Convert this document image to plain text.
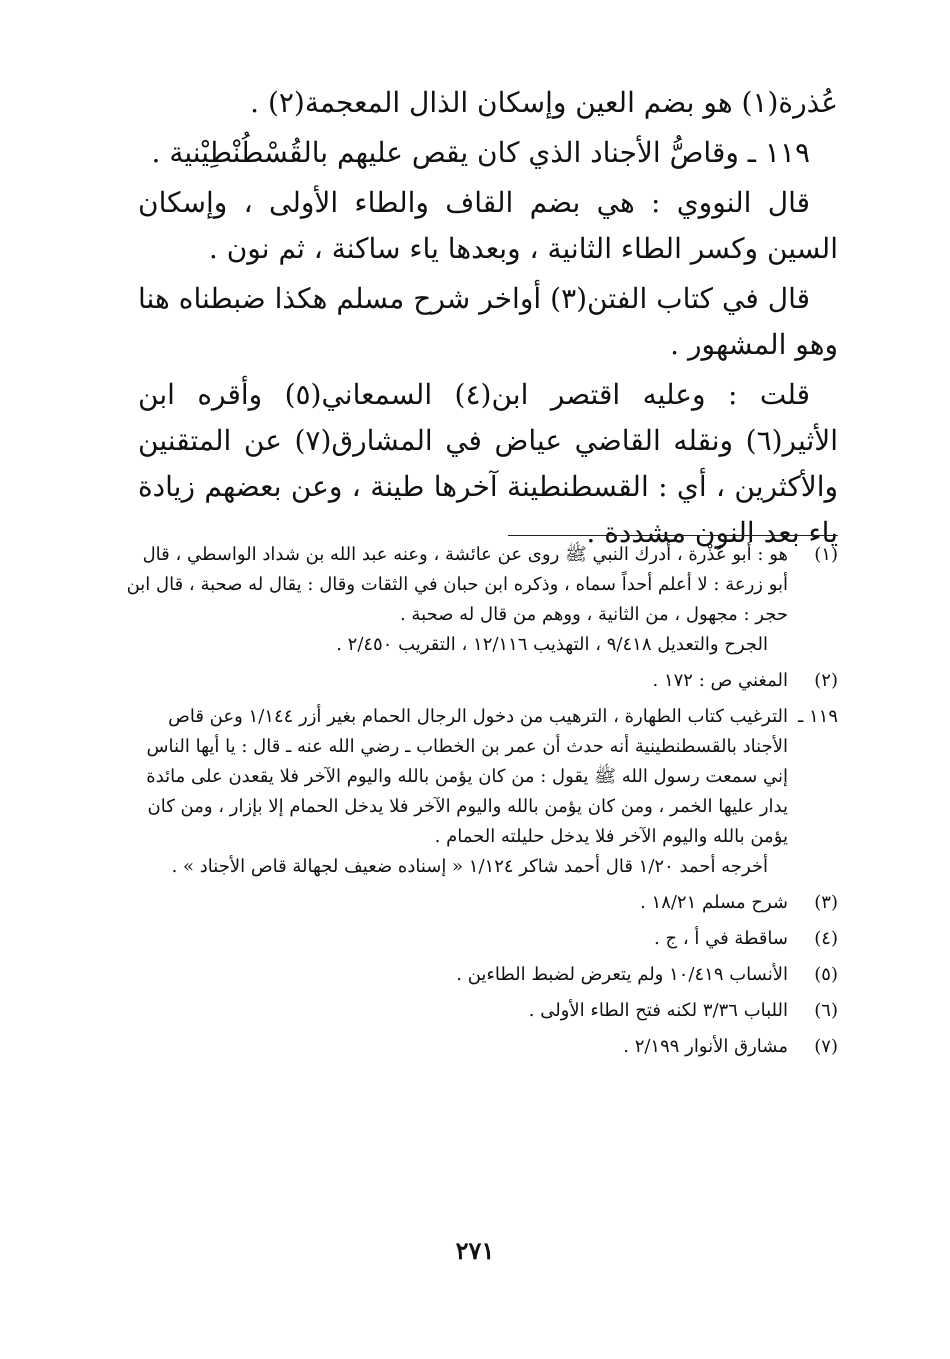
عُذرة(١) هو بضم العين وإسكان الذال المعجمة(٢) .

١١٩ ـ وقاصُّ الأجناد الذي كان يقص عليهم بالقُسْطُنْطِيْنية .

قال النووي : هي بضم القاف والطاء الأولى ، وإسكان السين وكسر الطاء الثانية ، وبعدها ياء ساكنة ، ثم نون .

قال في كتاب الفتن(٣) أواخر شرح مسلم هكذا ضبطناه هنا وهو المشهور .

قلت : وعليه اقتصر ابن(٤) السمعاني(٥) وأقره ابن الأثير(٦) ونقله القاضي عياض في المشارق(٧) عن المتقنين والأكثرين ، أي : القسطنطينة آخرها طينة ، وعن بعضهم زيادة ياء بعد النون مشددة .

(١)
هو : أبو عُذْرة ، أدرك النبي ﷺ روى عن عائشة ، وعنه عبد الله بن شداد الواسطي ، قال أبو زرعة : لا أعلم أحداً سماه ، وذكره ابن حبان في الثقات وقال : يقال له صحبة ، قال ابن حجر : مجهول ، من الثانية ، ووهم من قال له صحبة .
الجرح والتعديل ٩/٤١٨ ، التهذيب ١٢/١١٦ ، التقريب ٢/٤٥٠ .
(٢)
المغني ص : ١٧٢ .
١١٩ ـ
الترغيب كتاب الطهارة ، الترهيب من دخول الرجال الحمام بغير أزر ١/١٤٤ وعن قاص الأجناد بالقسطنطينية أنه حدث أن عمر بن الخطاب ـ رضي الله عنه ـ قال : يا أيها الناس إني سمعت رسول الله ﷺ يقول : من كان يؤمن بالله واليوم الآخر فلا يقعدن على مائدة يدار عليها الخمر ، ومن كان يؤمن بالله واليوم الآخر فلا يدخل الحمام إلا بإزار ، ومن كان يؤمن بالله واليوم الآخر فلا يدخل حليلته الحمام .
أخرجه أحمد ١/٢٠ قال أحمد شاكر ١/١٢٤ « إسناده ضعيف لجهالة قاص الأجناد » .
(٣)
شرح مسلم ١٨/٢١ .
(٤)
ساقطة في أ ، ج .
(٥)
الأنساب ١٠/٤١٩ ولم يتعرض لضبط الطاءين .
(٦)
اللباب ٣/٣٦ لكنه فتح الطاء الأولى .
(٧)
مشارق الأنوار ٢/١٩٩ .
٢٧١
